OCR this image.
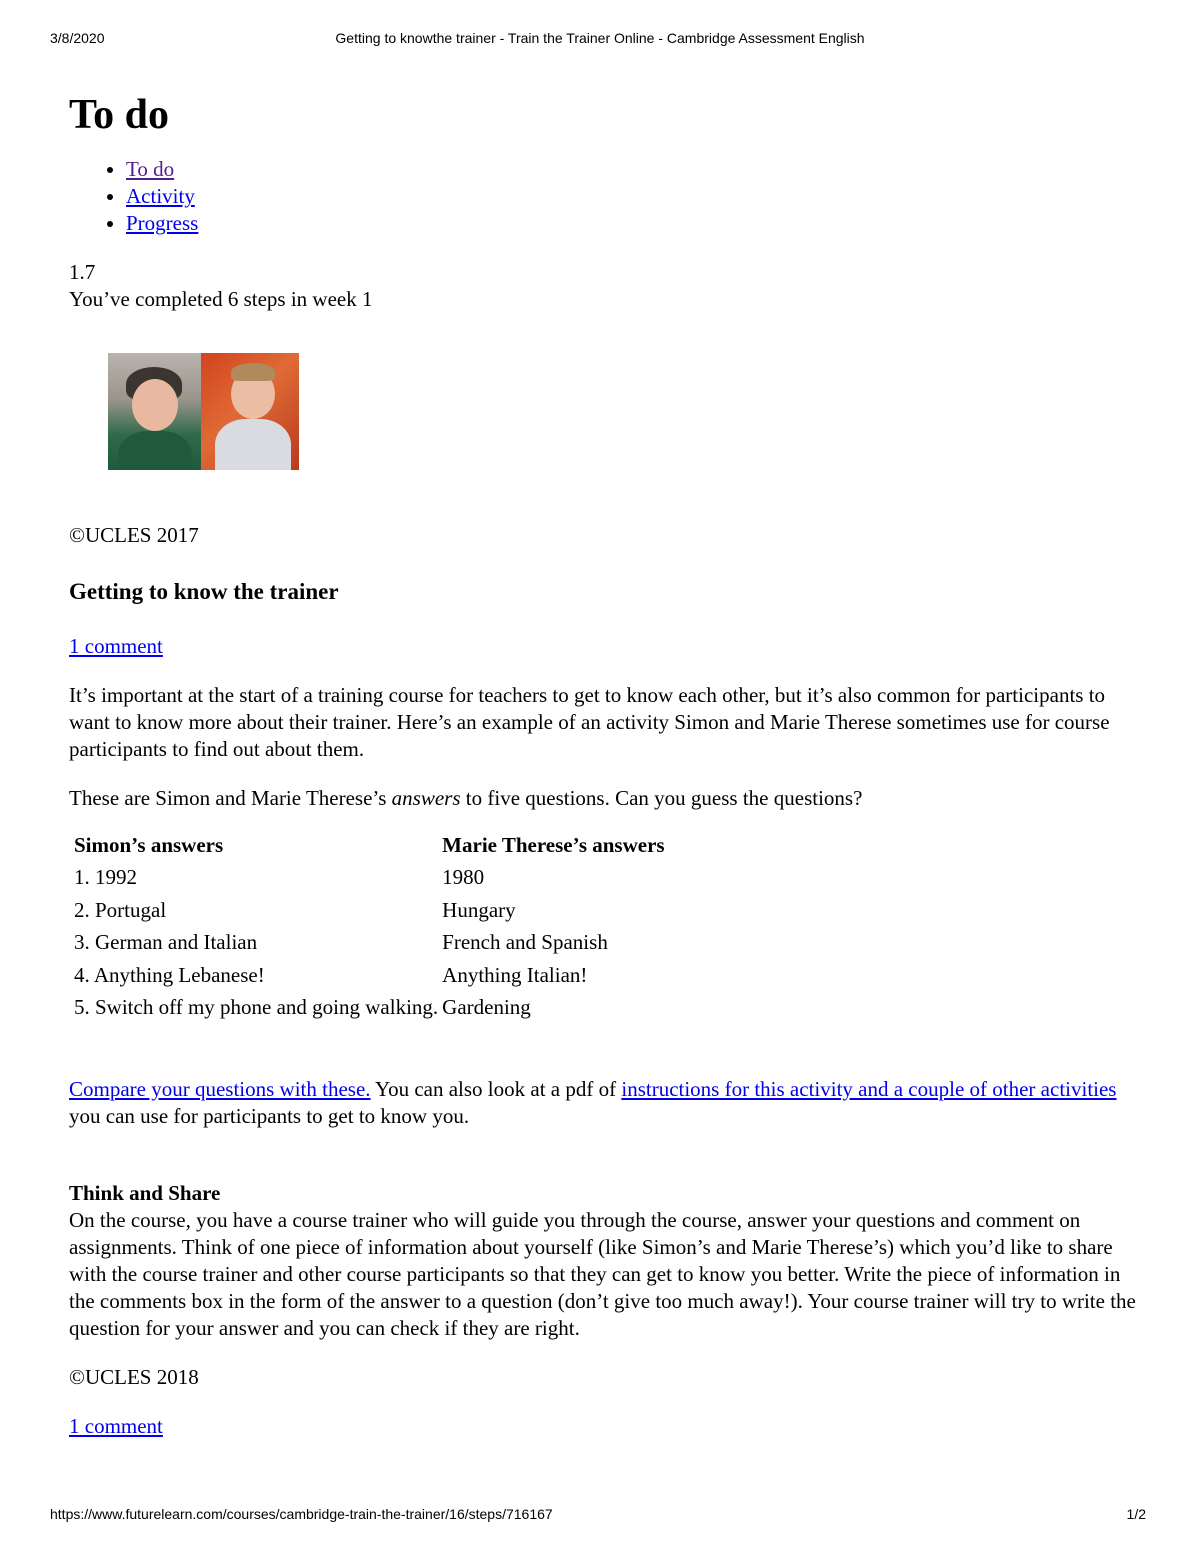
3/8/2020	Getting to knowthe trainer - Train the Trainer Online - Cambridge Assessment English
To do
• To do
• Activity
• Progress
1.7
You’ve completed 6 steps in week 1
©UCLES 2017
Getting to know the trainer
1 comment

It’s important at the start of a training course for teachers to get to know each other, but it’s also common for participants to want to know more about their trainer. Here’s an example of an activity Simon and Marie Therese sometimes use for course participants to find out about them.

These are Simon and Marie Therese’s answers to five questions. Can you guess the questions?

Simon’s answers	Marie Therese’s answers
1. 1992	1980
2. Portugal	Hungary
3. German and Italian	French and Spanish
4. Anything Lebanese!	Anything Italian!
5. Switch off my phone and going walking.	Gardening
Compare your questions with these. You can also look at a pdf of instructions for this activity and a couple of other activities you can use for participants to get to know you.
Think and Share
On the course, you have a course trainer who will guide you through the course, answer your questions and comment on assignments. Think of one piece of information about yourself (like Simon’s and Marie Therese’s) which you’d like to share with the course trainer and other course participants so that they can get to know you better. Write the piece of information in the comments box in the form of the answer to a question (don’t give too much away!). Your course trainer will try to write the question for your answer and you can check if they are right.
©UCLES 2018
1 comment
https://www.futurelearn.com/courses/cambridge-train-the-trainer/16/steps/716167	1/2
